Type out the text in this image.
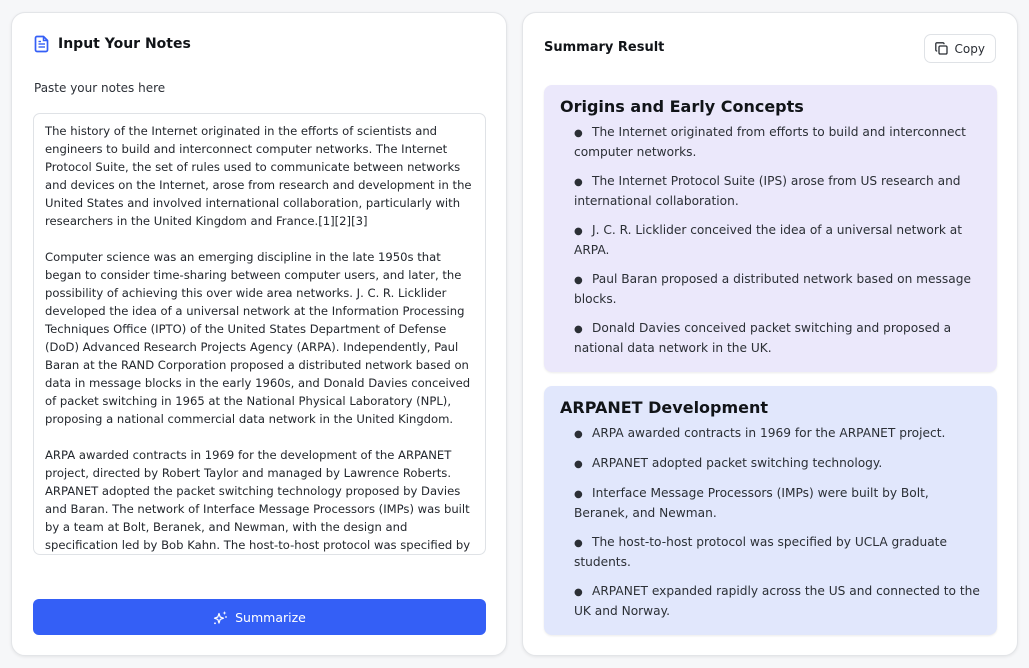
Input Your Notes
Paste your notes here
The history of the Internet originated in the efforts of scientists and engineers to build and interconnect computer networks. The Internet Protocol Suite, the set of rules used to communicate between networks and devices on the Internet, arose from research and development in the United States and involved international collaboration, particularly with researchers in the United Kingdom and France.[1][2][3] Computer science was an emerging discipline in the late 1950s that began to consider time-sharing between computer users, and later, the possibility of achieving this over wide area networks. J. C. R. Licklider developed the idea of a universal network at the Information Processing Techniques Office (IPTO) of the United States Department of Defense (DoD) Advanced Research Projects Agency (ARPA). Independently, Paul Baran at the RAND Corporation proposed a distributed network based on data in message blocks in the early 1960s, and Donald Davies conceived of packet switching in 1965 at the National Physical Laboratory (NPL), proposing a national commercial data network in the United Kingdom. ARPA awarded contracts in 1969 for the development of the ARPANET project, directed by Robert Taylor and managed by Lawrence Roberts. ARPANET adopted the packet switching technology proposed by Davies and Baran. The network of Interface Message Processors (IMPs) was built by a team at Bolt, Beranek, and Newman, with the design and specification led by Bob Kahn. The host-to-host protocol was specified by a group of
Summarize
Summary Result	Copy
Origins and Early Concepts
● The Internet originated from efforts to build and interconnect computer networks.
● The Internet Protocol Suite (IPS) arose from US research and international collaboration.
● J. C. R. Licklider conceived the idea of a universal network at ARPA.
● Paul Baran proposed a distributed network based on message blocks.
● Donald Davies conceived packet switching and proposed a national data network in the UK.
ARPANET Development
● ARPA awarded contracts in 1969 for the ARPANET project.
● ARPANET adopted packet switching technology.
● Interface Message Processors (IMPs) were built by Bolt, Beranek, and Newman.
● The host-to-host protocol was specified by UCLA graduate students.
● ARPANET expanded rapidly across the US and connected to the UK and Norway.
